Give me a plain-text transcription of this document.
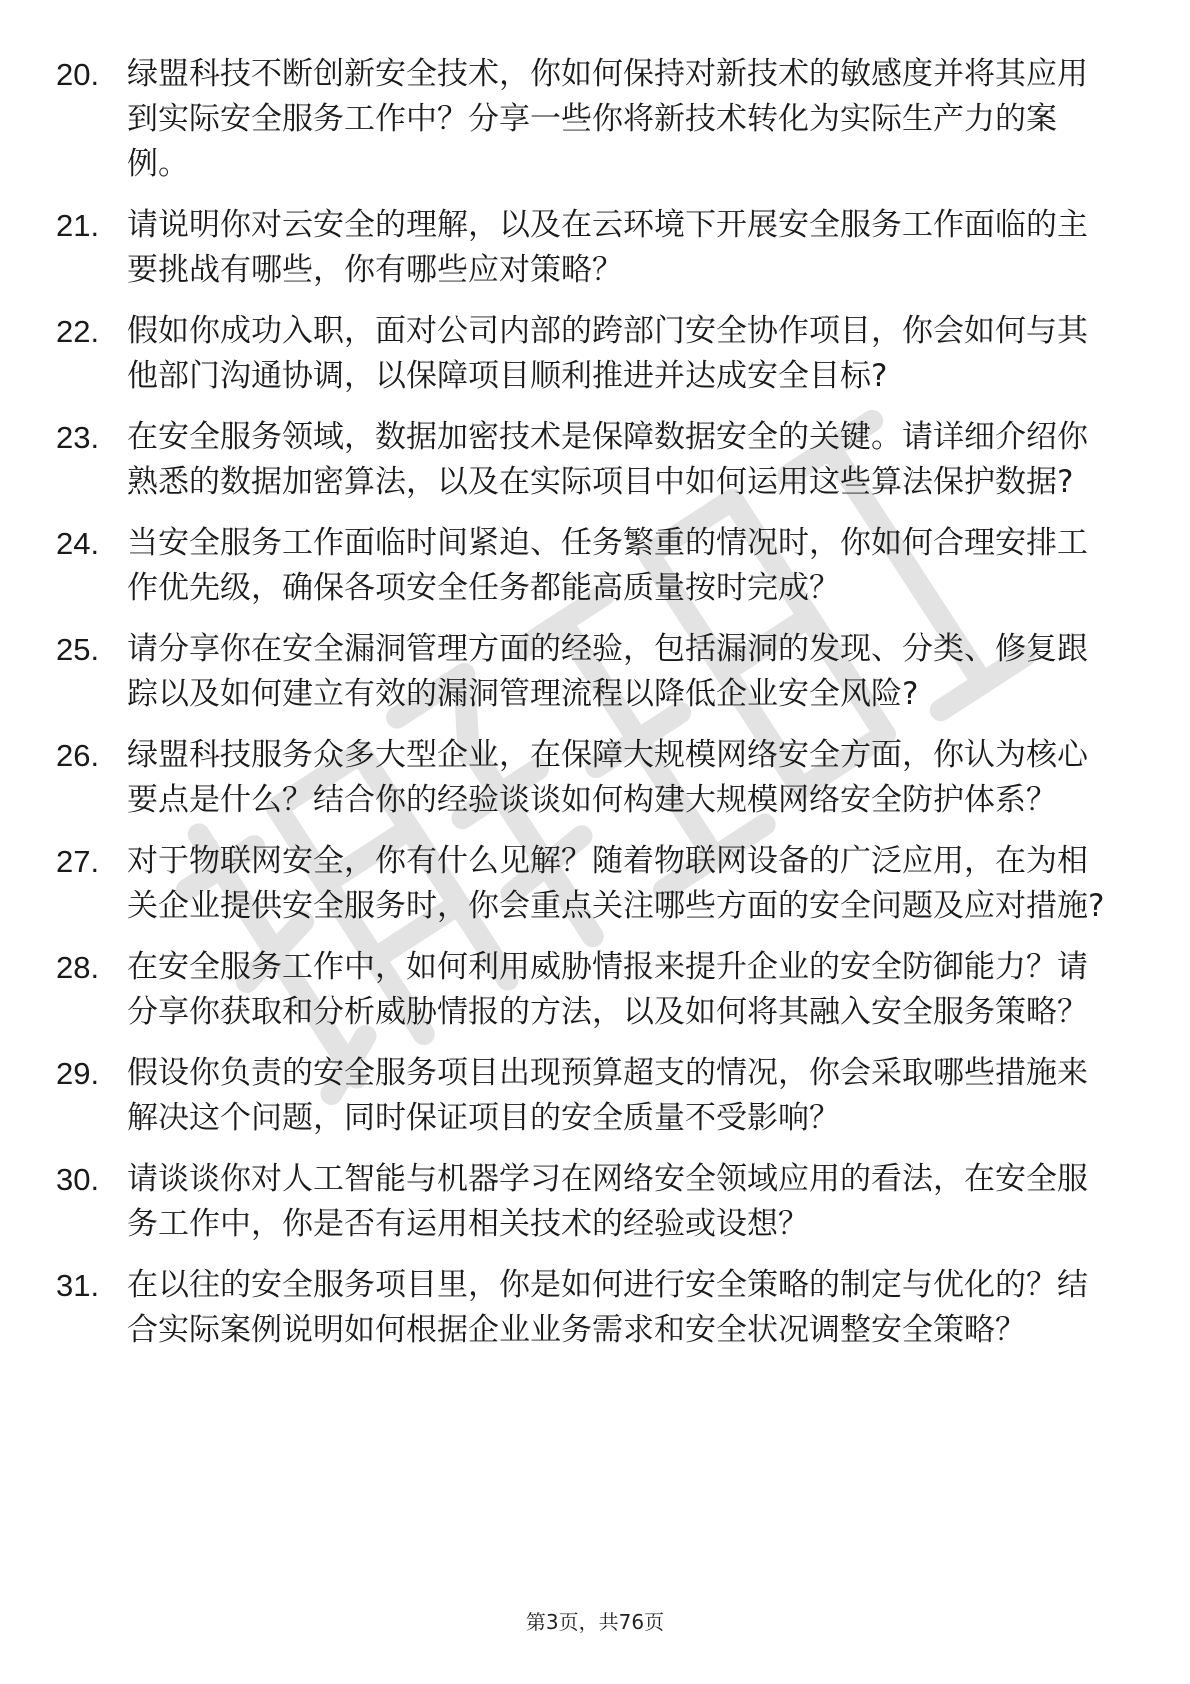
20. 绿盟科技不断创新安全技术，你如何保持对新技术的敏感度并将其应用到实际安全服务工作中？分享一些你将新技术转化为实际生产力的案例。
21. 请说明你对云安全的理解，以及在云环境下开展安全服务工作面临的主要挑战有哪些，你有哪些应对策略？
22. 假如你成功入职，面对公司内部的跨部门安全协作项目，你会如何与其他部门沟通协调，以保障项目顺利推进并达成安全目标?
23. 在安全服务领域，数据加密技术是保障数据安全的关键。请详细介绍你熟悉的数据加密算法，以及在实际项目中如何运用这些算法保护数据?
24. 当安全服务工作面临时间紧迫、任务繁重的情况时，你如何合理安排工作优先级，确保各项安全任务都能高质量按时完成？
25. 请分享你在安全漏洞管理方面的经验，包括漏洞的发现、分类、修复跟踪以及如何建立有效的漏洞管理流程以降低企业安全风险?
26. 绿盟科技服务众多大型企业，在保障大规模网络安全方面，你认为核心要点是什么？结合你的经验谈谈如何构建大规模网络安全防护体系？
27. 对于物联网安全，你有什么见解？随着物联网设备的广泛应用，在为相关企业提供安全服务时，你会重点关注哪些方面的安全问题及应对措施?
28. 在安全服务工作中，如何利用威胁情报来提升企业的安全防御能力？请分享你获取和分析威胁情报的方法，以及如何将其融入安全服务策略？
29. 假设你负责的安全服务项目出现预算超支的情况，你会采取哪些措施来解决这个问题，同时保证项目的安全质量不受影响？
30. 请谈谈你对人工智能与机器学习在网络安全领域应用的看法，在安全服务工作中，你是否有运用相关技术的经验或设想？
31. 在以往的安全服务项目里，你是如何进行安全策略的制定与优化的？结合实际案例说明如何根据企业业务需求和安全状况调整安全策略？
第3页，共76页
